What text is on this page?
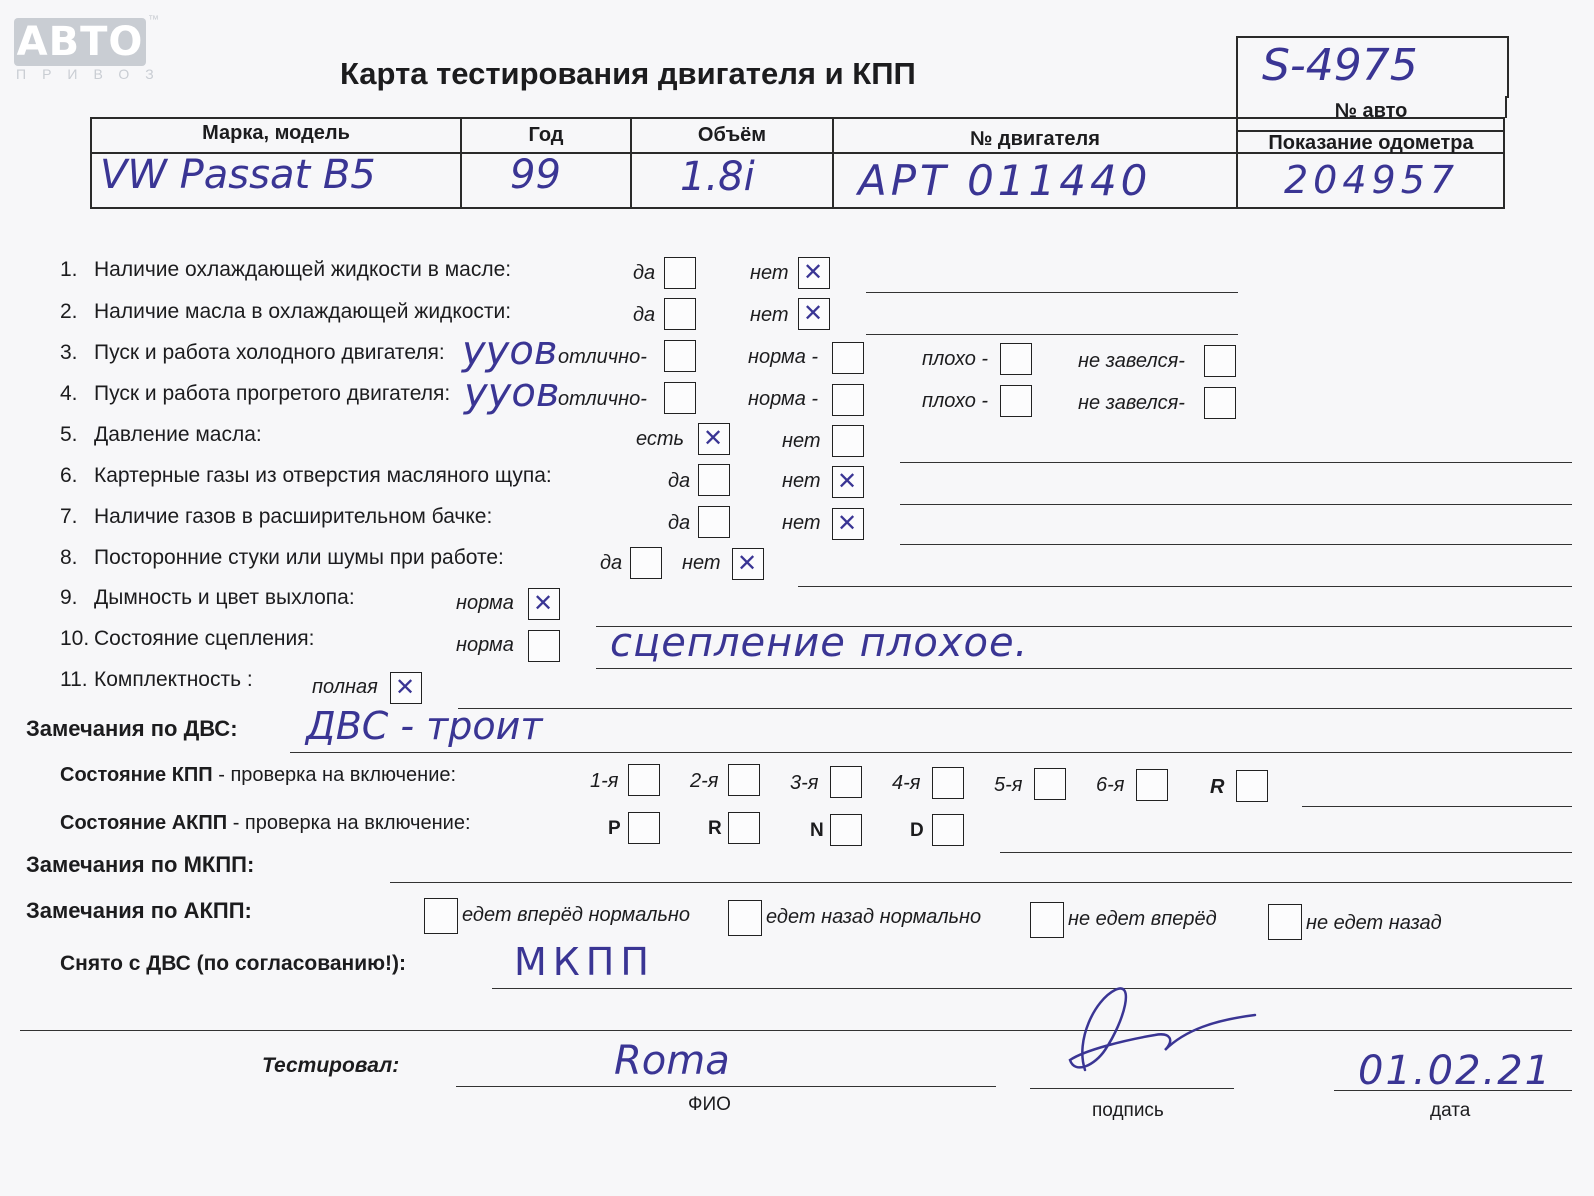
АВТО
ПРИВОЗ
™
Карта тестирования двигателя и КПП	S-4975
№ авто
Марка, модель	Год	Объём	№ двигателя	Показание одометра
VW Passat B5	99	1.8i APT 011440	204957
1. Наличие охлаждающей жидкости в масле:	да	нет
✕
2. Наличие масла в охлаждающей жидкости:	да	нет
✕
3. Пуск и работа холодного двигателя: ууов отлично-	норма -	плохо -	не завелся-
4. Пуск и работа прогретого двигателя: ууов
отлично-	норма -	плохо -	не завелся-
5. Давление масла:	есть
✕	нет
6. Картерные газы из отверстия масляного щупа:	да	нет
✕
7. Наличие газов в расширительном бачке:	да	нет
✕
8. Посторонние стуки или шумы при работе:	да	нет
✕
9. Дымность и цвет выхлопа:	норма
✕
10. Состояние сцепления:	норма сцепление плохое.
11. Комплектность :	полная
✕
Замечания по ДВС: ДВС - троит
Состояние КПП - проверка на включение:	1-я	2-я	3-я	4-я	5-я	6-я	R
Состояние АКПП - проверка на включение:	P	R	N	D
Замечания по МКПП:
Замечания по АКПП:	едет вперёд нормально	едет назад нормально	не едет вперёд	не едет назад
Снято с ДВС (по согласованию!):	МКПП
Тестировал:	Roma
ФИО	подпись
01.02.21
дата
